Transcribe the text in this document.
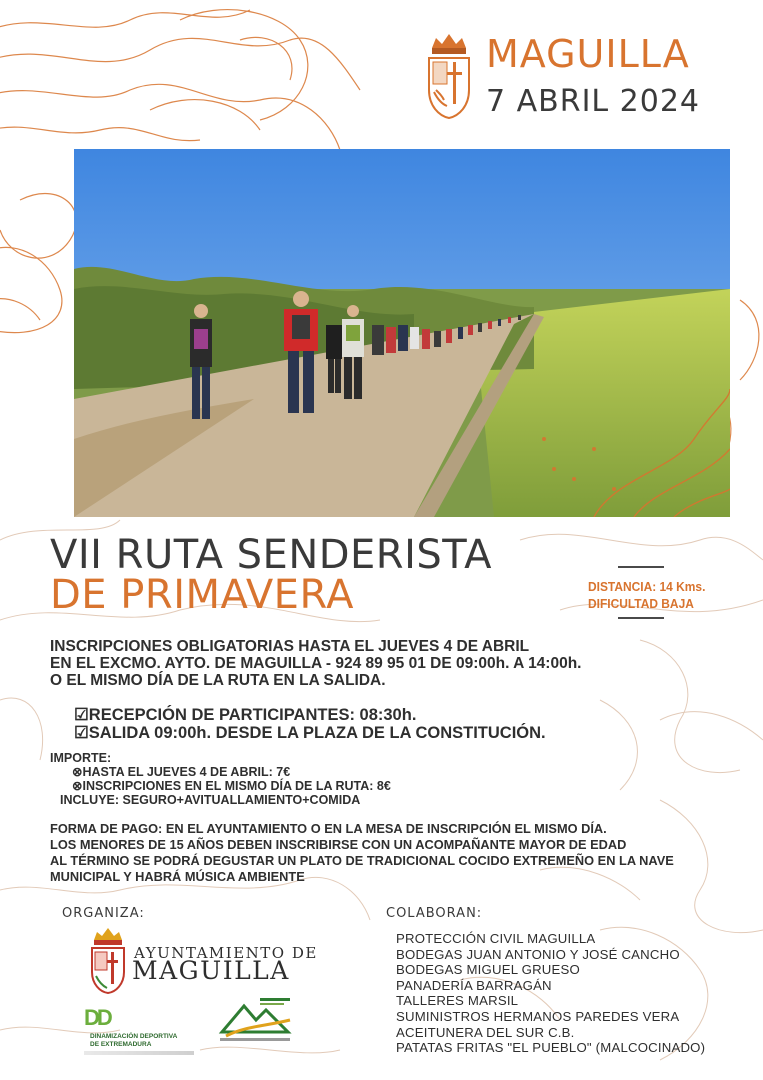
MAGUILLA
7 ABRIL 2024
VII RUTA SENDERISTA
DE PRIMAVERA	DISTANCIA: 14 Kms.
DIFICULTAD BAJA
INSCRIPCIONES OBLIGATORIAS HASTA EL JUEVES 4 DE ABRIL
EN EL EXCMO. AYTO. DE MAGUILLA - 924 89 95 01 DE 09:00h. A 14:00h.
O EL MISMO DÍA DE LA RUTA EN LA SALIDA.
☑RECEPCIÓN DE PARTICIPANTES: 08:30h.
☑SALIDA 09:00h. DESDE LA PLAZA DE LA CONSTITUCIÓN.
IMPORTE:
⊗HASTA EL JUEVES 4 DE ABRIL: 7€
⊗INSCRIPCIONES EN EL MISMO DÍA DE LA RUTA: 8€
INCLUYE: SEGURO+AVITUALLAMIENTO+COMIDA
FORMA DE PAGO: EN EL AYUNTAMIENTO O EN LA MESA DE INSCRIPCIÓN EL MISMO DÍA.
LOS MENORES DE 15 AÑOS DEBEN INSCRIBIRSE CON UN ACOMPAÑANTE MAYOR DE EDAD
AL TÉRMINO SE PODRÁ DEGUSTAR UN PLATO DE TRADICIONAL COCIDO EXTREMEÑO EN LA NAVE
MUNICIPAL Y HABRÁ MÚSICA AMBIENTE
ORGANIZA:
AYUNTAMIENTO DE
MAGUILLA
DD DINAMIZACIÓN DEPORTIVA
DE EXTREMADURA
COLABORAN:
PROTECCIÓN CIVIL MAGUILLA
BODEGAS JUAN ANTONIO Y JOSÉ CANCHO
BODEGAS MIGUEL GRUESO
PANADERÍA BARRAGÁN
TALLERES MARSIL
SUMINISTROS HERMANOS PAREDES VERA
ACEITUNERA DEL SUR C.B.
PATATAS FRITAS "EL PUEBLO" (MALCOCINADO)
